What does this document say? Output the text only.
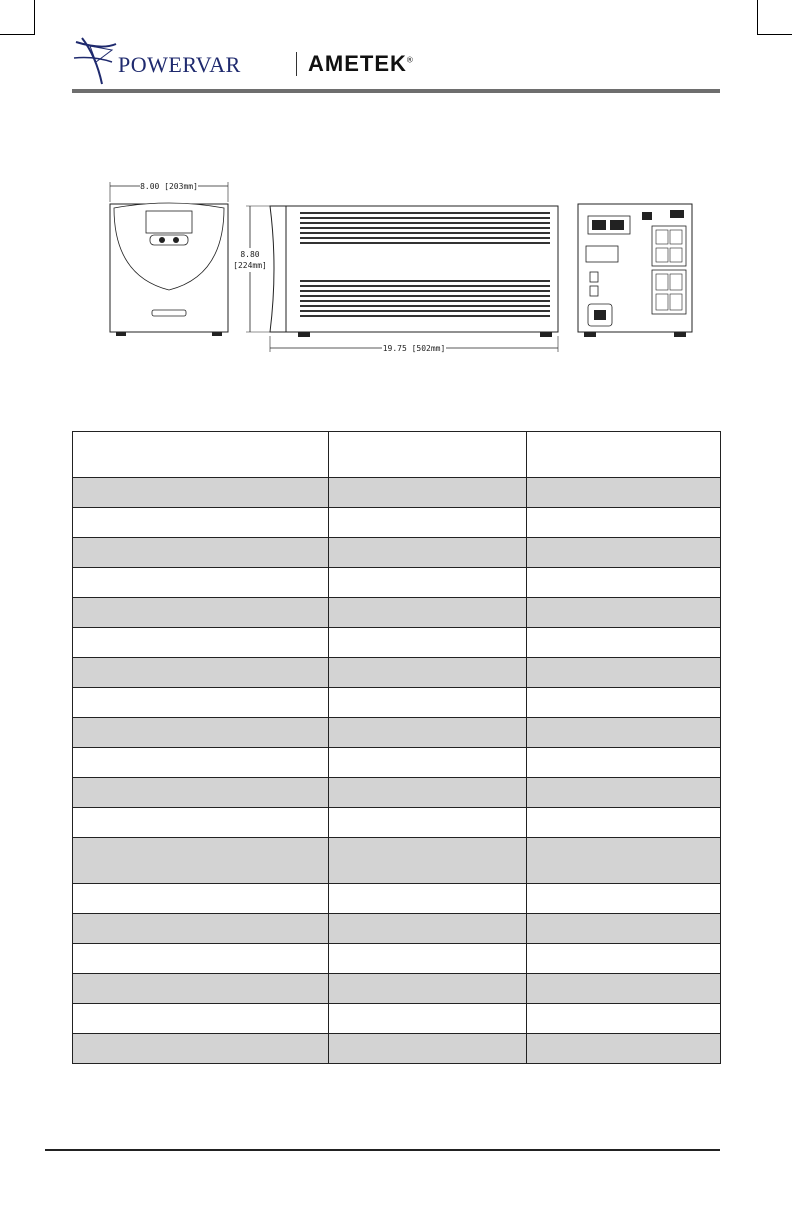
POWERVAR	AMETEK®
8.00 [203mm]
8.80
[224mm]
19.75 [502mm]
